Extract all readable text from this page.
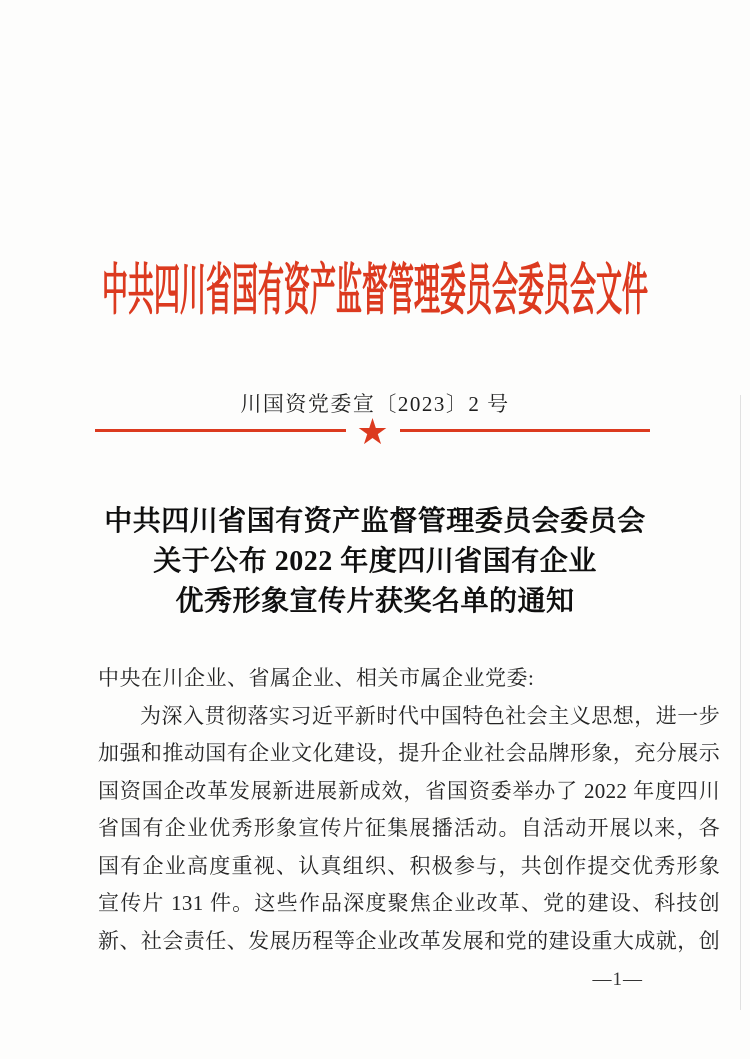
中共四川省国有资产监督管理委员会委员会文件
川国资党委宣〔2023〕2 号
★
中共四川省国有资产监督管理委员会委员会
关于公布 2022 年度四川省国有企业
优秀形象宣传片获奖名单的通知
中央在川企业、省属企业、相关市属企业党委:
为深入贯彻落实习近平新时代中国特色社会主义思想，进一步
加强和推动国有企业文化建设，提升企业社会品牌形象，充分展示
国资国企改革发展新进展新成效，省国资委举办了 2022 年度四川
省国有企业优秀形象宣传片征集展播活动。自活动开展以来，各
国有企业高度重视、认真组织、积极参与，共创作提交优秀形象
宣传片 131 件。这些作品深度聚焦企业改革、党的建设、科技创
新、社会责任、发展历程等企业改革发展和党的建设重大成就，创
—1—
